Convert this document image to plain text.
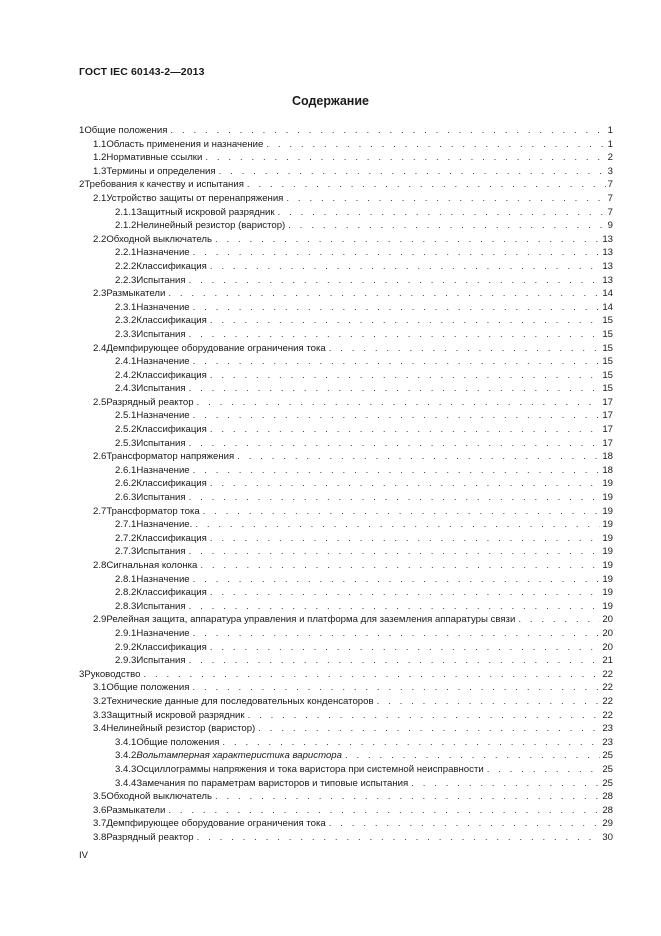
ГОСТ IEC 60143-2—2013
Содержание
1 Общие положения . . .	1
1.1 Область применения и назначение . . .	1
1.2 Нормативные ссылки . . .	2
1.3 Термины и определения . . .	3
2 Требования к качеству и испытания . . .	7
2.1 Устройство защиты от перенапряжения . . .	7
2.1.1 Защитный искровой разрядник . . .	7
2.1.2 Нелинейный резистор (варистор) . . .	9
2.2 Обходной выключатель . . .	13
2.2.1 Назначение . . .	13
2.2.2 Классификация . . .	13
2.2.3 Испытания . . .	13
2.3 Размыкатели . . .	14
2.3.1 Назначение . . .	14
2.3.2 Классификация . . .	15
2.3.3 Испытания . . .	15
2.4 Демпфирующее оборудование ограничения тока . . .	15
2.4.1 Назначение . . .	15
2.4.2 Классификация . . .	15
2.4.3 Испытания . . .	15
2.5 Разрядный реактор . . .	17
2.5.1 Назначение . . .	17
2.5.2 Классификация . . .	17
2.5.3 Испытания . . .	17
2.6 Трансформатор напряжения . . .	18
2.6.1 Назначение . . .	18
2.6.2 Классификация . . .	19
2.6.3 Испытания . . .	19
2.7 Трансформатор тока . . .	19
2.7.1 Назначение. . . .	19
2.7.2 Классификация . . .	19
2.7.3 Испытания . . .	19
2.8 Сигнальная колонка . . .	19
2.8.1 Назначение . . .	19
2.8.2 Классификация . . .	19
2.8.3 Испытания . . .	19
2.9 Релейная защита, аппаратура управления и платформа для заземления аппаратуры связи . . .	20
2.9.1 Назначение . . .	20
2.9.2 Классификация . . .	20
2.9.3 Испытания . . .	21
3 Руководство . . .	22
3.1 Общие положения . . .	22
3.2 Технические данные для последовательных конденсаторов . . .	22
3.3 Защитный искровой разрядник . . .	22
3.4 Нелинейный резистор (варистор) . . .	23
3.4.1 Общие положения . . .	23
3.4.2 Вольтамперная характеристика варистора . . .	25
3.4.3 Осциллограммы напряжения и тока варистора при системной неисправности . . .	25
3.4.4 Замечания по параметрам варисторов и типовые испытания . . .	25
3.5 Обходной выключатель . . .	28
3.6 Размыкатели . . .	28
3.7 Демпфирующее оборудование ограничения тока . . .	29
3.8 Разрядный реактор . . .	30
IV
